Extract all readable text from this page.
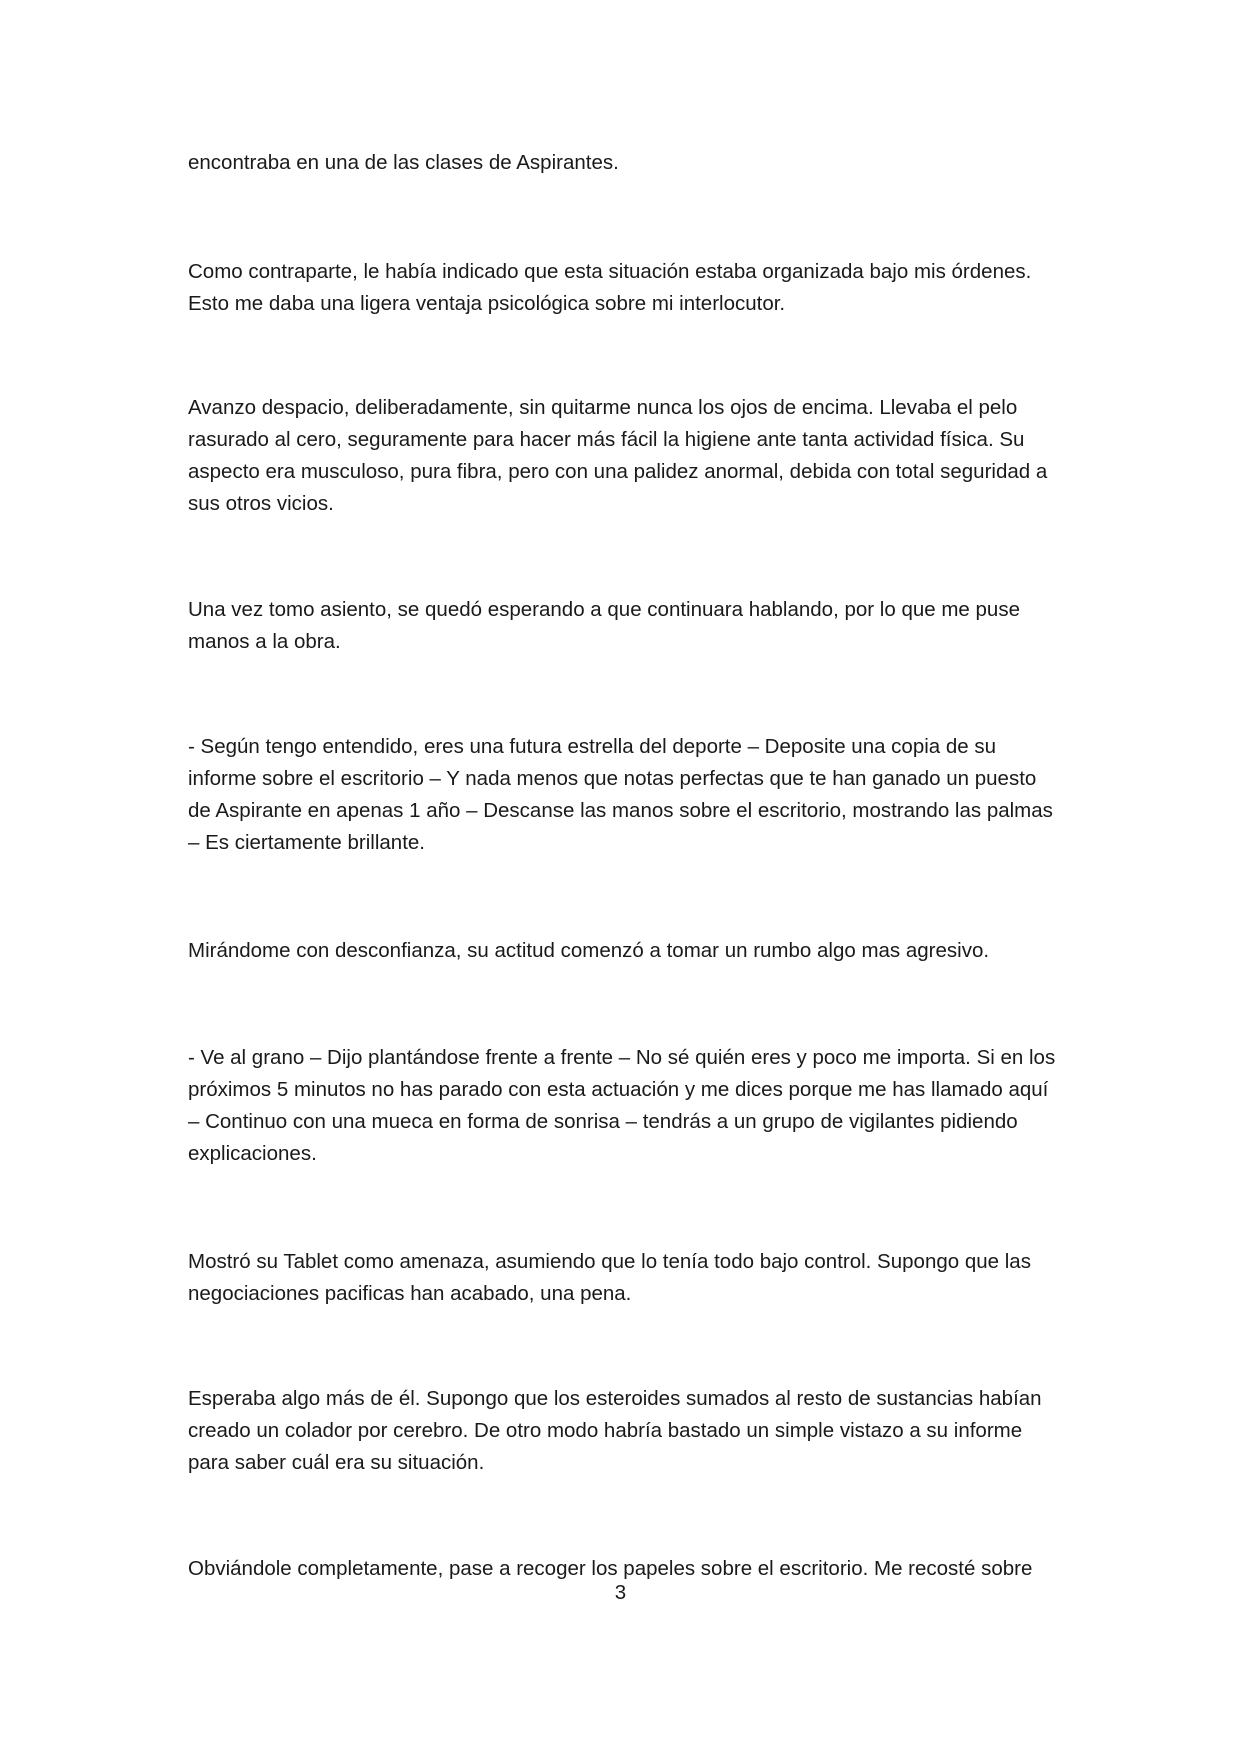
encontraba en una de las clases de Aspirantes.

Como contraparte, le había indicado que esta situación estaba organizada bajo mis órdenes. Esto me daba una ligera ventaja psicológica sobre mi interlocutor.

Avanzo despacio, deliberadamente, sin quitarme nunca los ojos de encima. Llevaba el pelo rasurado al cero, seguramente para hacer más fácil la higiene ante tanta actividad física. Su aspecto era musculoso, pura fibra, pero con una palidez anormal, debida con total seguridad a sus otros vicios.

Una vez tomo asiento, se quedó esperando a que continuara hablando, por lo que me puse manos a la obra.

- Según tengo entendido, eres una futura estrella del deporte – Deposite una copia de su informe sobre el escritorio – Y nada menos que notas perfectas que te han ganado un puesto de Aspirante en apenas 1 año – Descanse las manos sobre el escritorio, mostrando las palmas – Es ciertamente brillante.

Mirándome con desconfianza, su actitud comenzó a tomar un rumbo algo mas agresivo.

- Ve al grano – Dijo plantándose frente a frente – No sé quién eres y poco me importa. Si en los próximos 5 minutos no has parado con esta actuación y me dices porque me has llamado aquí – Continuo con una mueca en forma de sonrisa – tendrás a un grupo de vigilantes pidiendo explicaciones.

Mostró su Tablet como amenaza, asumiendo que lo tenía todo bajo control. Supongo que las negociaciones pacificas han acabado, una pena.

Esperaba algo más de él. Supongo que los esteroides sumados al resto de sustancias habían creado un colador por cerebro. De otro modo habría bastado un simple vistazo a su informe para saber cuál era su situación.

Obviándole completamente, pase a recoger los papeles sobre el escritorio. Me recosté sobre

3
